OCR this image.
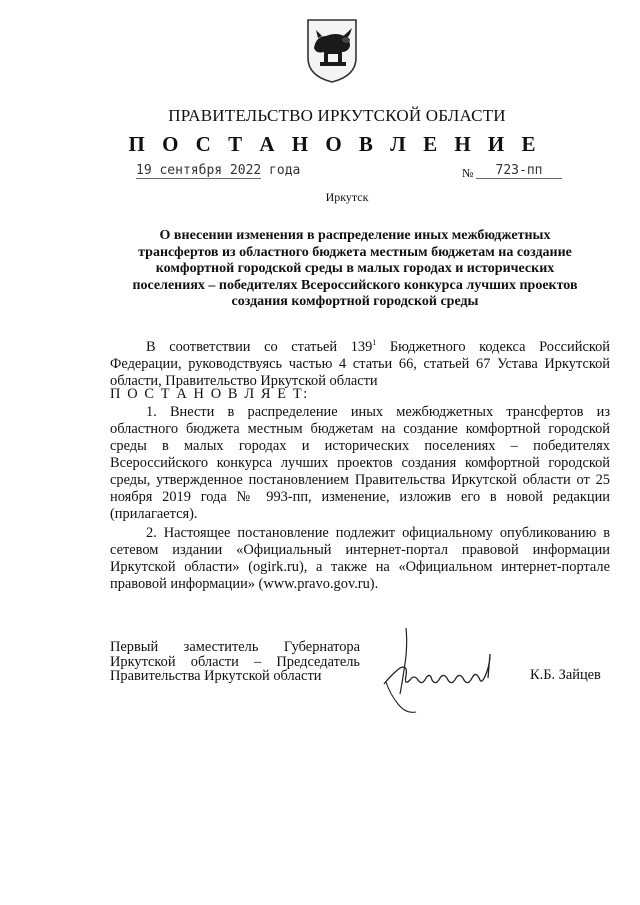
ПРАВИТЕЛЬСТВО ИРКУТСКОЙ ОБЛАСТИ
П О С Т А Н О В Л Е Н И Е
19 сентября 2022 года	№	723-пп
Иркутск
О внесении изменения в распределение иных межбюджетных трансфертов из областного бюджета местным бюджетам на создание комфортной городской среды в малых городах и исторических поселениях – победителях Всероссийского конкурса лучших проектов создания комфортной городской среды
В соответствии со статьей $139^1$ Бюджетного кодекса Российской Федерации, руководствуясь частью 4 статьи 66, статьей 67 Устава Иркутской области, Правительство Иркутской области
П О С Т А Н О В Л Я Е Т:
1. Внести в распределение иных межбюджетных трансфертов из областного бюджета местным бюджетам на создание комфортной городской среды в малых городах и исторических поселениях – победителях Всероссийского конкурса лучших проектов создания комфортной городской среды, утвержденное постановлением Правительства Иркутской области от 25 ноября 2019 года № 993-пп, изменение, изложив его в новой редакции (прилагается).
2. Настоящее постановление подлежит официальному опубликованию в сетевом издании «Официальный интернет-портал правовой информации Иркутской области» (ogirk.ru), а также на «Официальном интернет-портале правовой информации» (www.pravo.gov.ru).
Первый заместитель Губернатора
Иркутской области – Председатель
Правительства Иркутской области	К.Б. Зайцев
